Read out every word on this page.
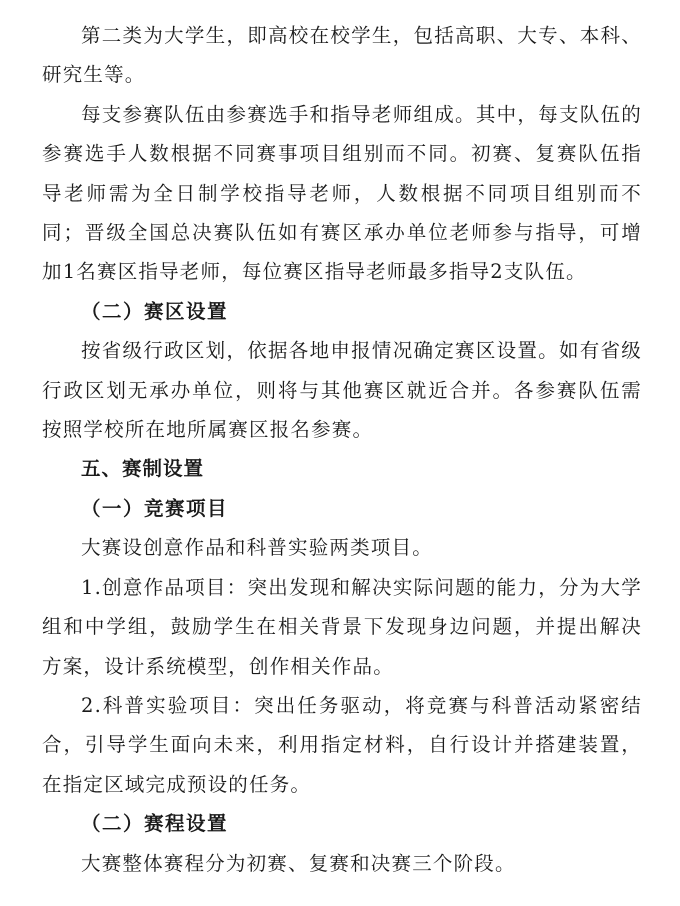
第二类为大学生，即高校在校学生，包括高职、大专、本科、研究生等。

每支参赛队伍由参赛选手和指导老师组成。其中，每支队伍的参赛选手人数根据不同赛事项目组别而不同。初赛、复赛队伍指导老师需为全日制学校指导老师，人数根据不同项目组别而不同；晋级全国总决赛队伍如有赛区承办单位老师参与指导，可增加1名赛区指导老师，每位赛区指导老师最多指导2支队伍。

（二）赛区设置

按省级行政区划，依据各地申报情况确定赛区设置。如有省级行政区划无承办单位，则将与其他赛区就近合并。各参赛队伍需按照学校所在地所属赛区报名参赛。

五、赛制设置

（一）竞赛项目

大赛设创意作品和科普实验两类项目。

1.创意作品项目：突出发现和解决实际问题的能力，分为大学组和中学组，鼓励学生在相关背景下发现身边问题，并提出解决方案，设计系统模型，创作相关作品。

2.科普实验项目：突出任务驱动，将竞赛与科普活动紧密结合，引导学生面向未来，利用指定材料，自行设计并搭建装置，在指定区域完成预设的任务。

（二）赛程设置

大赛整体赛程分为初赛、复赛和决赛三个阶段。
